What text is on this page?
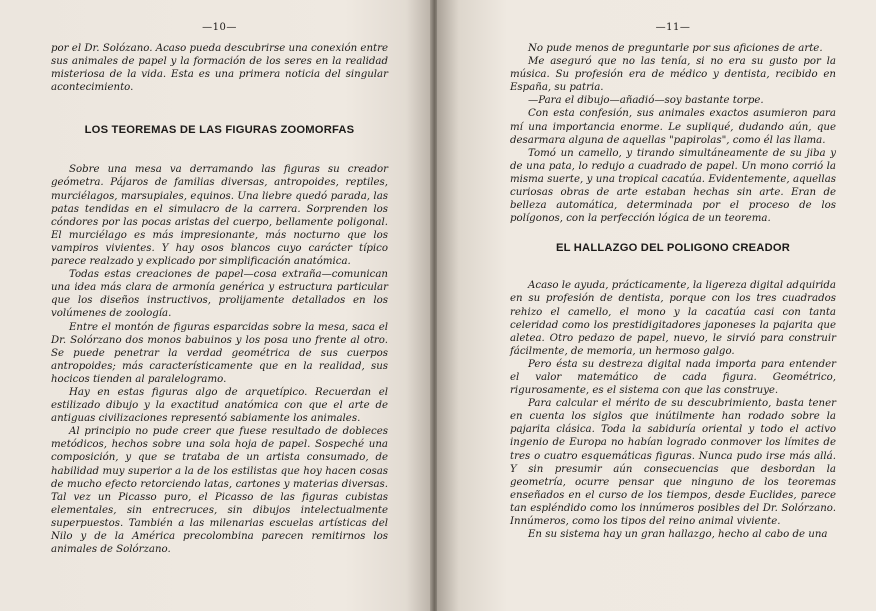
—10—

por el Dr. Solózano. Acaso pueda descubrirse una conexión entre sus animales de papel y la formación de los seres en la realidad misteriosa de la vida. Esta es una primera noticia del singular acontecimiento.

LOS TEOREMAS DE LAS FIGURAS ZOOMORFAS

Sobre una mesa va derramando las figuras su creador geómetra. Pájaros de familias diversas, antropoides, reptiles, murciélagos, marsupiales, equinos. Una liebre quedó parada, las patas tendidas en el simulacro de la carrera. Sorprenden los cóndores por las pocas aristas del cuerpo, bellamente poligonal. El murciélago es más impresionante, más nocturno que los vampiros vivientes. Y hay osos blancos cuyo carácter típico parece realzado y explicado por simplificación anatómica.

Todas estas creaciones de papel—cosa extraña—comunican una idea más clara de armonía genérica y estructura particular que los diseños instructivos, prolijamente detallados en los volúmenes de zoología.

Entre el montón de figuras esparcidas sobre la mesa, saca el Dr. Solórzano dos monos babuinos y los posa uno frente al otro. Se puede penetrar la verdad geométrica de sus cuerpos antropoides; más característicamente que en la realidad, sus hocicos tienden al paralelogramo.

Hay en estas figuras algo de arquetípico. Recuerdan el estilizado dibujo y la exactitud anatómica con que el arte de antiguas civilizaciones representó sabiamente los animales.

Al principio no pude creer que fuese resultado de dobleces metódicos, hechos sobre una sola hoja de papel. Sospeché una composición, y que se trataba de un artista consumado, de habilidad muy superior a la de los estilistas que hoy hacen cosas de mucho efecto retorciendo latas, cartones y materias diversas. Tal vez un Picasso puro, el Picasso de las figuras cubistas elementales, sin entrecruces, sin dibujos intelectualmente superpuestos. También a las milenarias escuelas artísticas del Nilo y de la América precolombina parecen remitirnos los animales de Solórzano.

—11—

No pude menos de preguntarle por sus aficiones de arte.

Me aseguró que no las tenía, si no era su gusto por la música. Su profesión era de médico y dentista, recibido en España, su patria.

—Para el dibujo—añadió—soy bastante torpe.

Con esta confesión, sus animales exactos asumieron para mí una importancia enorme. Le supliqué, dudando aún, que desarmara alguna de aquellas "papirolas", como él las llama.

Tomó un camello, y tirando simultáneamente de su jiba y de una pata, lo redujo a cuadrado de papel. Un mono corrió la misma suerte, y una tropical cacatúa. Evidentemente, aquellas curiosas obras de arte estaban hechas sin arte. Eran de belleza automática, determinada por el proceso de los polígonos, con la perfección lógica de un teorema.

EL HALLAZGO DEL POLIGONO CREADOR

Acaso le ayuda, prácticamente, la ligereza digital adquirida en su profesión de dentista, porque con los tres cuadrados rehizo el camello, el mono y la cacatúa casi con tanta celeridad como los prestidigitadores japoneses la pajarita que aletea. Otro pedazo de papel, nuevo, le sirvió para construir fácilmente, de memoria, un hermoso galgo.

Pero ésta su destreza digital nada importa para entender el valor matemático de cada figura. Geométrico, rigurosamente, es el sistema con que las construye.

Para calcular el mérito de su descubrimiento, basta tener en cuenta los siglos que inútilmente han rodado sobre la pajarita clásica. Toda la sabiduría oriental y todo el activo ingenio de Europa no habían logrado conmover los límites de tres o cuatro esquemáticas figuras. Nunca pudo irse más allá. Y sin presumir aún consecuencias que desbordan la geometría, ocurre pensar que ninguno de los teoremas enseñados en el curso de los tiempos, desde Euclides, parece tan espléndido como los innúmeros posibles del Dr. Solórzano. Innúmeros, como los tipos del reino animal viviente.

En su sistema hay un gran hallazgo, hecho al cabo de una
